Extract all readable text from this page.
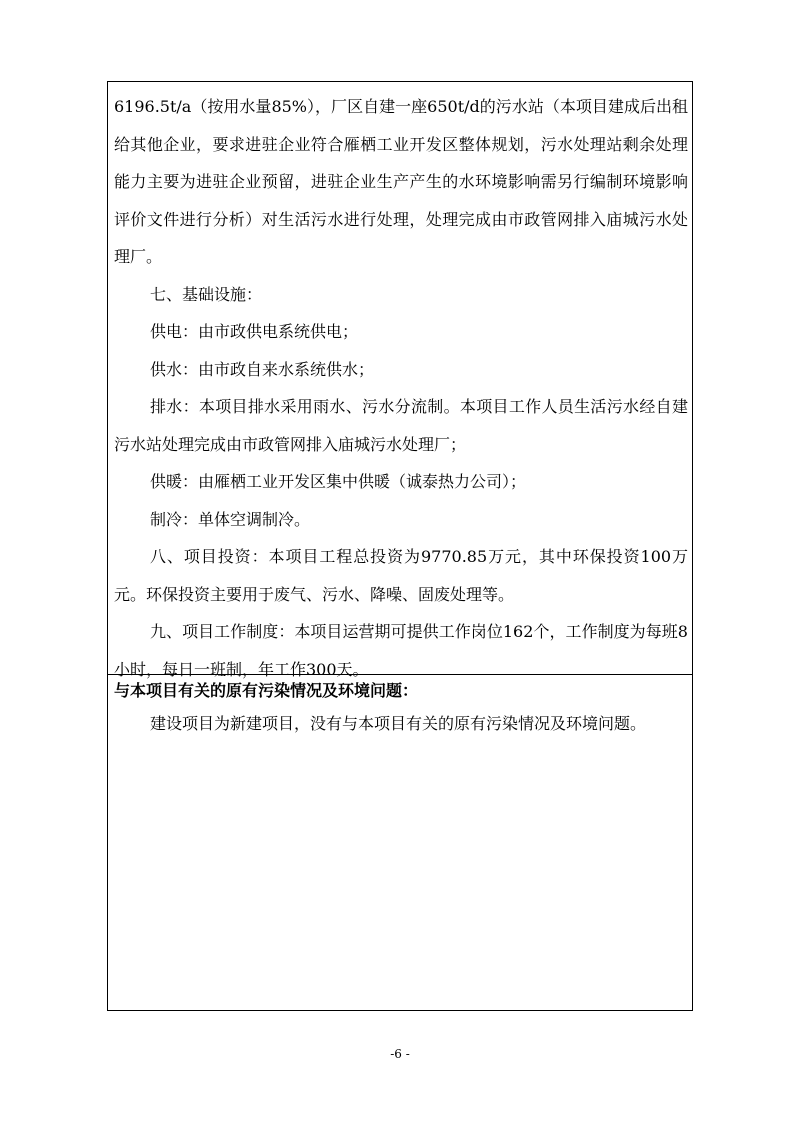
6196.5t/a（按用水量85%），厂区自建一座650t/d的污水站（本项目建成后出租给其他企业，要求进驻企业符合雁栖工业开发区整体规划，污水处理站剩余处理能力主要为进驻企业预留，进驻企业生产产生的水环境影响需另行编制环境影响评价文件进行分析）对生活污水进行处理，处理完成由市政管网排入庙城污水处理厂。

七、基础设施：

供电：由市政供电系统供电；

供水：由市政自来水系统供水；

排水：本项目排水采用雨水、污水分流制。本项目工作人员生活污水经自建污水站处理完成由市政管网排入庙城污水处理厂；

供暖：由雁栖工业开发区集中供暖（诚泰热力公司）；

制冷：单体空调制冷。

八、项目投资：本项目工程总投资为9770.85万元，其中环保投资100万元。环保投资主要用于废气、污水、降噪、固废处理等。

九、项目工作制度：本项目运营期可提供工作岗位162个，工作制度为每班8小时，每日一班制，年工作300天。

与本项目有关的原有污染情况及环境问题：

建设项目为新建项目，没有与本项目有关的原有污染情况及环境问题。

-6 -
